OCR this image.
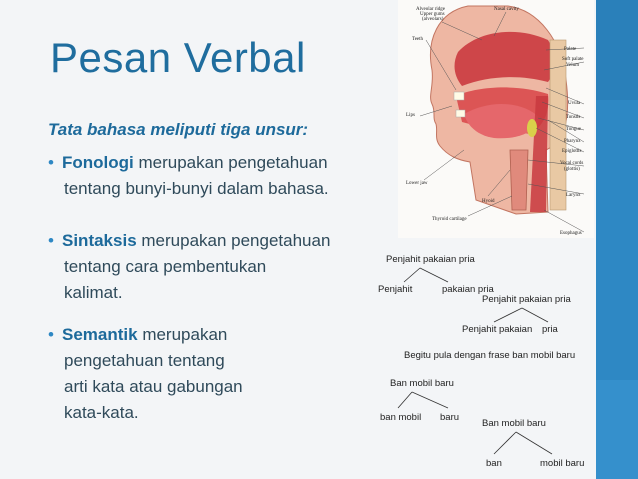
Pesan Verbal
Tata bahasa meliputi tiga unsur:
• Fonologi merupakan pengetahuan
tentang bunyi-bunyi dalam bahasa.
• Sintaksis merupakan pengetahuan
tentang cara pembentukan
kalimat.
• Semantik merupakan
pengetahuan tentang
arti kata atau gabungan
kata-kata.
Alveolar ridge
Upper gums
(alveolars)
Nasal cavity
Teeth
Palate
Soft palate
Velum
Uvula
Lips	Tonsils
Tongue
Pharynx
Epiglottis
Vocal cords
(glottis)
Lower jaw
Hyoid
Larynx
Thyroid cartilage
Esophagus
Penjahit pakaian pria
Penjahit	pakaian pria
Penjahit pakaian pria
Penjahit pakaian pria
Begitu pula dengan frase ban mobil baru
Ban mobil baru
ban mobil baru
Ban mobil baru
ban	mobil baru
